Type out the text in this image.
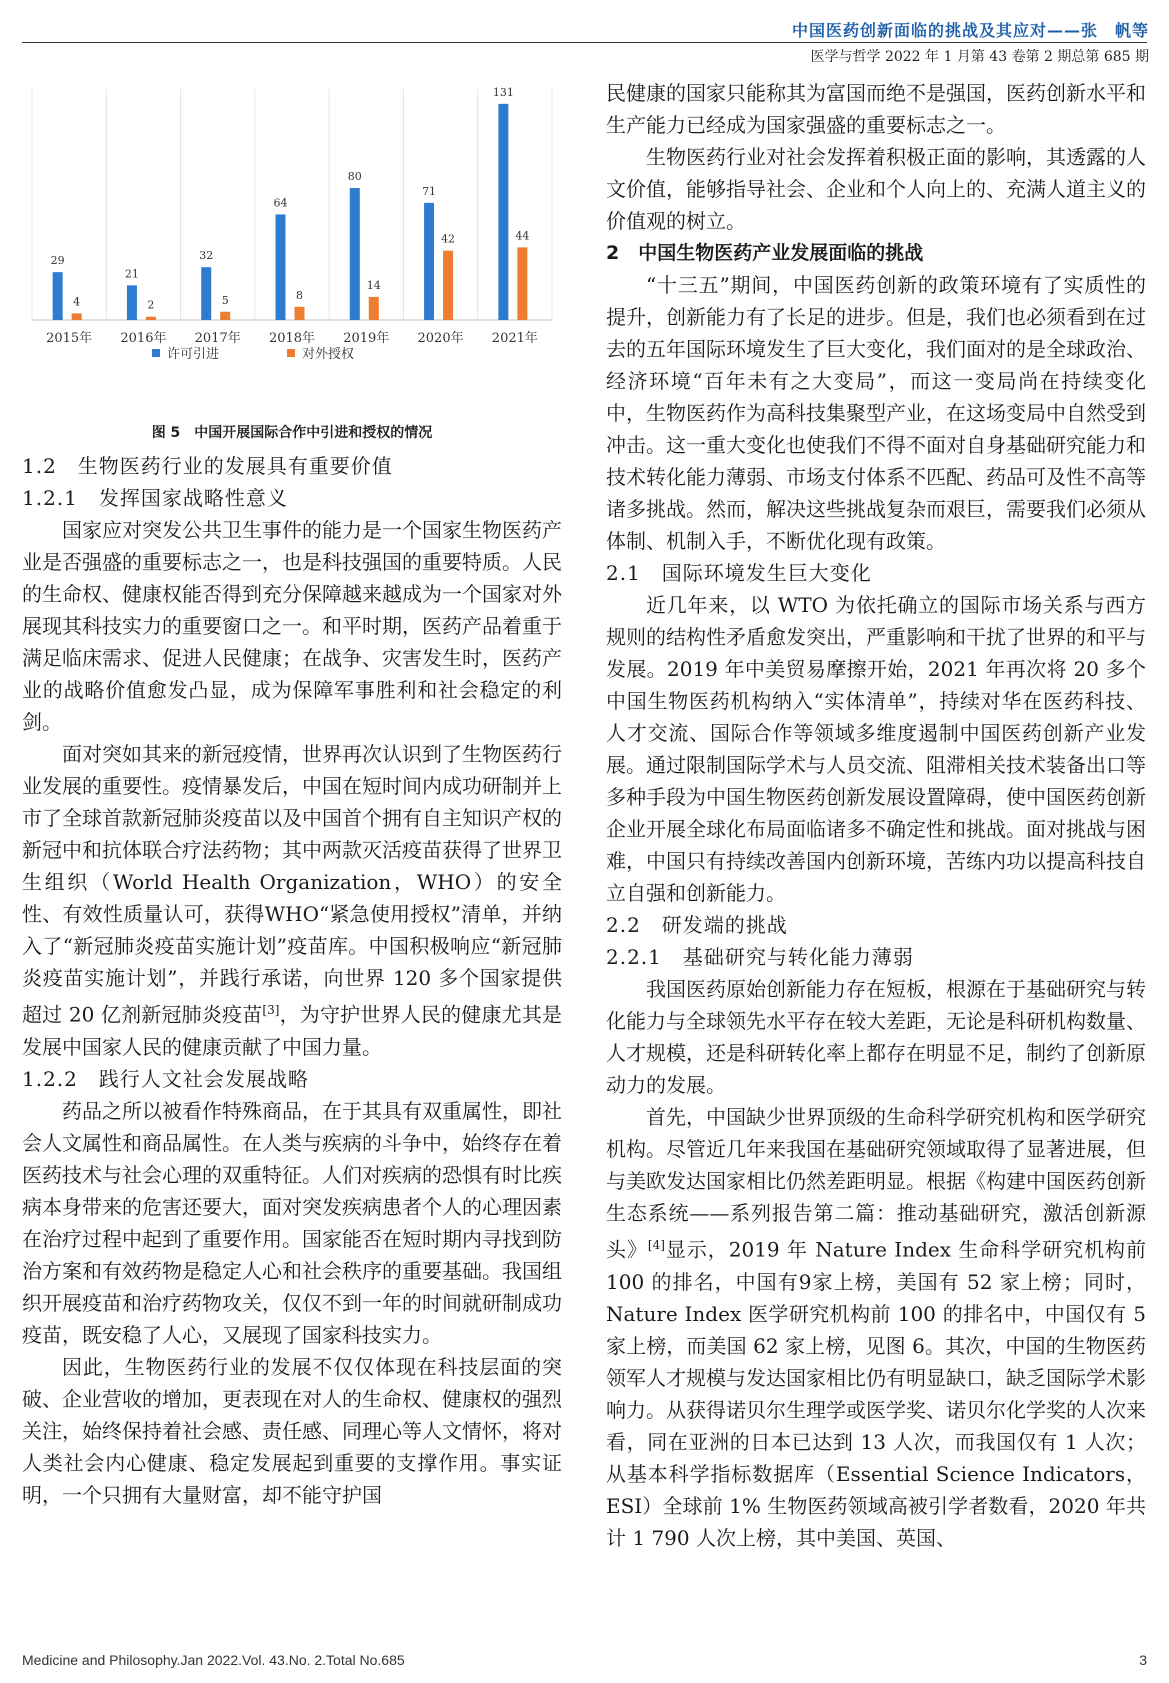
中国医药创新面临的挑战及其应对——张　帆等
医学与哲学 2022 年 1 月第 43 卷第 2 期总第 685 期
29
4
2015年
21
2
2016年
32
5
2017年
64
8
2018年
80
14
2019年
71
42
2020年
131
44
2021年
许可引进	对外授权
图 5　中国开展国际合作中引进和授权的情况

1.2　生物医药行业的发展具有重要价值

1.2.1　发挥国家战略性意义

国家应对突发公共卫生事件的能力是一个国家生物医药产业是否强盛的重要标志之一，也是科技强国的重要特质。人民的生命权、健康权能否得到充分保障越来越成为一个国家对外展现其科技实力的重要窗口之一。和平时期，医药产品着重于满足临床需求、促进人民健康；在战争、灾害发生时，医药产业的战略价值愈发凸显，成为保障军事胜利和社会稳定的利剑。

面对突如其来的新冠疫情，世界再次认识到了生物医药行业发展的重要性。疫情暴发后，中国在短时间内成功研制并上市了全球首款新冠肺炎疫苗以及中国首个拥有自主知识产权的新冠中和抗体联合疗法药物；其中两款灭活疫苗获得了世界卫生组织（World Health Organization，WHO）的安全性、有效性质量认可，获得WHO“紧急使用授权”清单，并纳入了“新冠肺炎疫苗实施计划”疫苗库。中国积极响应“新冠肺炎疫苗实施计划”，并践行承诺，向世界 120 多个国家提供超过 20 亿剂新冠肺炎疫苗[3]，为守护世界人民的健康尤其是发展中国家人民的健康贡献了中国力量。

1.2.2　践行人文社会发展战略

药品之所以被看作特殊商品，在于其具有双重属性，即社会人文属性和商品属性。在人类与疾病的斗争中，始终存在着医药技术与社会心理的双重特征。人们对疾病的恐惧有时比疾病本身带来的危害还要大，面对突发疾病患者个人的心理因素在治疗过程中起到了重要作用。国家能否在短时期内寻找到防治方案和有效药物是稳定人心和社会秩序的重要基础。我国组织开展疫苗和治疗药物攻关，仅仅不到一年的时间就研制成功疫苗，既安稳了人心，又展现了国家科技实力。

因此，生物医药行业的发展不仅仅体现在科技层面的突破、企业营收的增加，更表现在对人的生命权、健康权的强烈关注，始终保持着社会感、责任感、同理心等人文情怀，将对人类社会内心健康、稳定发展起到重要的支撑作用。事实证明，一个只拥有大量财富，却不能守护国

民健康的国家只能称其为富国而绝不是强国，医药创新水平和生产能力已经成为国家强盛的重要标志之一。

生物医药行业对社会发挥着积极正面的影响，其透露的人文价值，能够指导社会、企业和个人向上的、充满人道主义的价值观的树立。

2　中国生物医药产业发展面临的挑战

“十三五”期间，中国医药创新的政策环境有了实质性的提升，创新能力有了长足的进步。但是，我们也必须看到在过去的五年国际环境发生了巨大变化，我们面对的是全球政治、经济环境“百年未有之大变局”，而这一变局尚在持续变化中，生物医药作为高科技集聚型产业，在这场变局中自然受到冲击。这一重大变化也使我们不得不面对自身基础研究能力和技术转化能力薄弱、市场支付体系不匹配、药品可及性不高等诸多挑战。然而，解决这些挑战复杂而艰巨，需要我们必须从体制、机制入手，不断优化现有政策。

2.1　国际环境发生巨大变化

近几年来，以 WTO 为依托确立的国际市场关系与西方规则的结构性矛盾愈发突出，严重影响和干扰了世界的和平与发展。2019 年中美贸易摩擦开始，2021 年再次将 20 多个中国生物医药机构纳入“实体清单”，持续对华在医药科技、人才交流、国际合作等领域多维度遏制中国医药创新产业发展。通过限制国际学术与人员交流、阻滞相关技术装备出口等多种手段为中国生物医药创新发展设置障碍，使中国医药创新企业开展全球化布局面临诸多不确定性和挑战。面对挑战与困难，中国只有持续改善国内创新环境，苦练内功以提高科技自立自强和创新能力。

2.2　研发端的挑战

2.2.1　基础研究与转化能力薄弱

我国医药原始创新能力存在短板，根源在于基础研究与转化能力与全球领先水平存在较大差距，无论是科研机构数量、人才规模，还是科研转化率上都存在明显不足，制约了创新原动力的发展。

首先，中国缺少世界顶级的生命科学研究机构和医学研究机构。尽管近几年来我国在基础研究领域取得了显著进展，但与美欧发达国家相比仍然差距明显。根据《构建中国医药创新生态系统——系列报告第二篇：推动基础研究，激活创新源头》[4]显示，2019 年 Nature Index 生命科学研究机构前 100 的排名，中国有9家上榜，美国有 52 家上榜；同时，Nature Index 医学研究机构前 100 的排名中，中国仅有 5 家上榜，而美国 62 家上榜，见图 6。其次，中国的生物医药领军人才规模与发达国家相比仍有明显缺口，缺乏国际学术影响力。从获得诺贝尔生理学或医学奖、诺贝尔化学奖的人次来看，同在亚洲的日本已达到 13 人次，而我国仅有 1 人次；从基本科学指标数据库（Essential Science Indicators，ESI）全球前 1% 生物医药领域高被引学者数看，2020 年共计 1 790 人次上榜，其中美国、英国、

Medicine and Philosophy.Jan 2022.Vol. 43.No. 2.Total No.685	3
